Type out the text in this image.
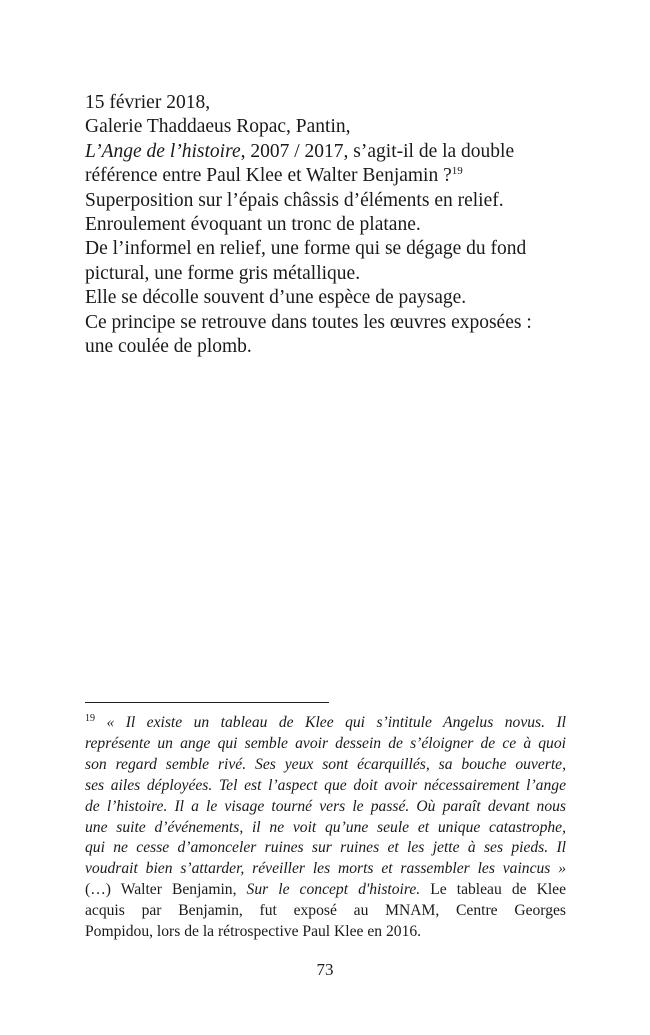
15 février 2018,
Galerie Thaddaeus Ropac, Pantin,
L’Ange de l’histoire, 2007 / 2017, s’agit-il de la double
référence entre Paul Klee et Walter Benjamin ?$^{19}$
Superposition sur l’épais châssis d’éléments en relief.
Enroulement évoquant un tronc de platane.
De l’informel en relief, une forme qui se dégage du fond
pictural, une forme gris métallique.
Elle se décolle souvent d’une espèce de paysage.
Ce principe se retrouve dans toutes les œuvres exposées :
une coulée de plomb.
$^{19}$ « Il existe un tableau de Klee qui s’intitule Angelus novus. Il
représente un ange qui semble avoir dessein de s’éloigner de ce à quoi
son regard semble rivé. Ses yeux sont écarquillés, sa bouche ouverte,
ses ailes déployées. Tel est l’aspect que doit avoir nécessairement l’ange
de l’histoire. Il a le visage tourné vers le passé. Où paraît devant nous
une suite d’événements, il ne voit qu’une seule et unique catastrophe,
qui ne cesse d’amonceler ruines sur ruines et les jette à ses pieds. Il
voudrait bien s’attarder, réveiller les morts et rassembler les vaincus »
(…) Walter Benjamin, Sur le concept d'histoire. Le tableau de Klee
acquis par Benjamin, fut exposé au MNAM, Centre Georges
Pompidou, lors de la rétrospective Paul Klee en 2016.
73
